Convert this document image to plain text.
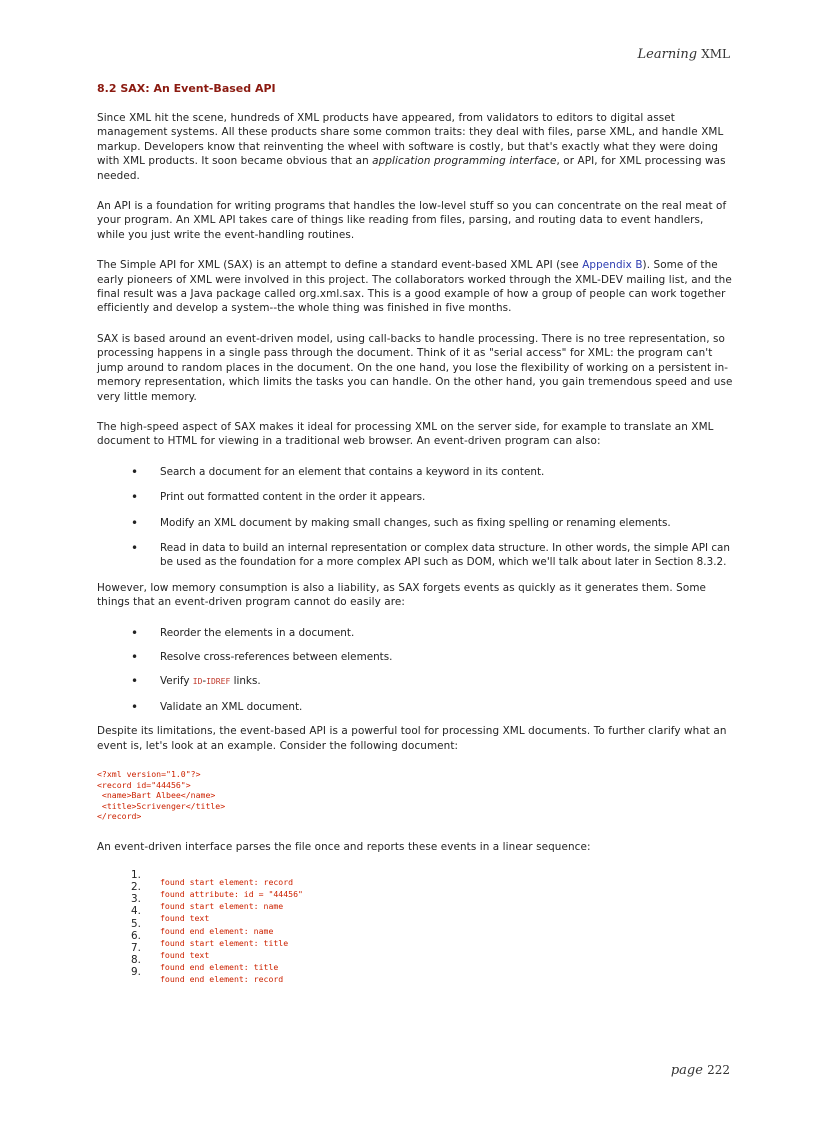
Learning XML
8.2 SAX: An Event-Based API

Since XML hit the scene, hundreds of XML products have appeared, from validators to editors to digital asset management systems. All these products share some common traits: they deal with files, parse XML, and handle XML markup. Developers know that reinventing the wheel with software is costly, but that's exactly what they were doing with XML products. It soon became obvious that an application programming interface, or API, for XML processing was needed.

An API is a foundation for writing programs that handles the low-level stuff so you can concentrate on the real meat of your program. An XML API takes care of things like reading from files, parsing, and routing data to event handlers, while you just write the event-handling routines.

The Simple API for XML (SAX) is an attempt to define a standard event-based XML API (see Appendix B). Some of the early pioneers of XML were involved in this project. The collaborators worked through the XML-DEV mailing list, and the final result was a Java package called org.xml.sax. This is a good example of how a group of people can work together efficiently and develop a system--the whole thing was finished in five months.

SAX is based around an event-driven model, using call-backs to handle processing. There is no tree representation, so processing happens in a single pass through the document. Think of it as "serial access" for XML: the program can't jump around to random places in the document. On the one hand, you lose the flexibility of working on a persistent in-memory representation, which limits the tasks you can handle. On the other hand, you gain tremendous speed and use very little memory.

The high-speed aspect of SAX makes it ideal for processing XML on the server side, for example to translate an XML document to HTML for viewing in a traditional web browser. An event-driven program can also:

• Search a document for an element that contains a keyword in its content.
• Print out formatted content in the order it appears.
• Modify an XML document by making small changes, such as fixing spelling or renaming elements.
• Read in data to build an internal representation or complex data structure. In other words, the simple API can be used as the foundation for a more complex API such as DOM, which we'll talk about later in Section 8.3.2.

However, low memory consumption is also a liability, as SAX forgets events as quickly as it generates them. Some things that an event-driven program cannot do easily are:

• Reorder the elements in a document.
• Resolve cross-references between elements.
• Verify ID-IDREF links.
• Validate an XML document.

Despite its limitations, the event-based API is a powerful tool for processing XML documents. To further clarify what an event is, let's look at an example. Consider the following document:

<?xml version="1.0"?>
<record id="44456">
<name>Bart Albee</name>
<title>Scrivenger</title>
</record>

An event-driven interface parses the file once and reports these events in a linear sequence:

1.
found start element: record
2.
found attribute: id = "44456"
3.
found start element: name
4.
found text
5.
found end element: name
6.
found start element: title
7.
found text
8.
found end element: title
9.
found end element: record
page 222
